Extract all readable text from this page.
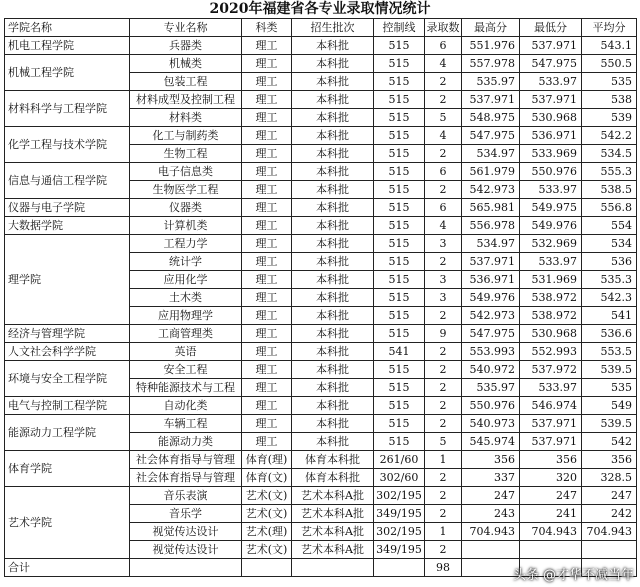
2020年福建省各专业录取情况统计
学院名称	专业名称	科类	招生批次	控制线	录取数	最高分	最低分	平均分
机电工程学院	兵器类	理工	本科批	515	6	551.976	537.971	543.1
机械工程学院	机械类	理工	本科批	515	4	557.978	547.975	550.5
	包装工程	理工	本科批	515	2	535.97	533.97	535
材料科学与工程学院	材料成型及控制工程	理工	本科批	515	2	537.971	537.971	538
	材料类	理工	本科批	515	5	548.975	530.968	539
化学工程与技术学院	化工与制药类	理工	本科批	515	4	547.975	536.971	542.2
	生物工程	理工	本科批	515	2	534.97	533.969	534.5
信息与通信工程学院	电子信息类	理工	本科批	515	6	561.979	550.976	555.3
	生物医学工程	理工	本科批	515	2	542.973	533.97	538.5
仪器与电子学院	仪器类	理工	本科批	515	6	565.981	549.975	556.8
大数据学院	计算机类	理工	本科批	515	4	556.978	549.976	554
理学院	工程力学	理工	本科批	515	3	534.97	532.969	534
	统计学	理工	本科批	515	2	537.971	533.97	536
	应用化学	理工	本科批	515	3	536.971	531.969	535.3
	土木类	理工	本科批	515	3	549.976	538.972	542.3
	应用物理学	理工	本科批	515	2	542.973	538.972	541
经济与管理学院	工商管理类	理工	本科批	515	9	547.975	530.968	536.6
人文社会科学学院	英语	理工	本科批	541	2	553.993	552.993	553.5
环境与安全工程学院	安全工程	理工	本科批	515	2	540.972	537.972	539.5
	特种能源技术与工程	理工	本科批	515	2	535.97	533.97	535
电气与控制工程学院	自动化类	理工	本科批	515	2	550.976	546.974	549
能源动力工程学院	车辆工程	理工	本科批	515	2	540.973	537.971	539.5
	能源动力类	理工	本科批	515	5	545.974	537.971	542
体育学院	社会体育指导与管理	体育(理)	体育本科批	261/60	1	356	356	356
	社会体育指导与管理	体育(文)	体育本科批	302/60	2	337	320	328.5
艺术学院	音乐表演	艺术(文)	艺术本科A批	302/195	2	247	247	247
	音乐学	艺术(文)	艺术本科A批	349/195	2	243	241	242
	视觉传达设计	艺术(理)	艺术本科A批	302/195	1	704.943	704.943	704.943
	视觉传达设计	艺术(文)	艺术本科A批	349/195	2			
合计					98			
头条 @才华不减当年
